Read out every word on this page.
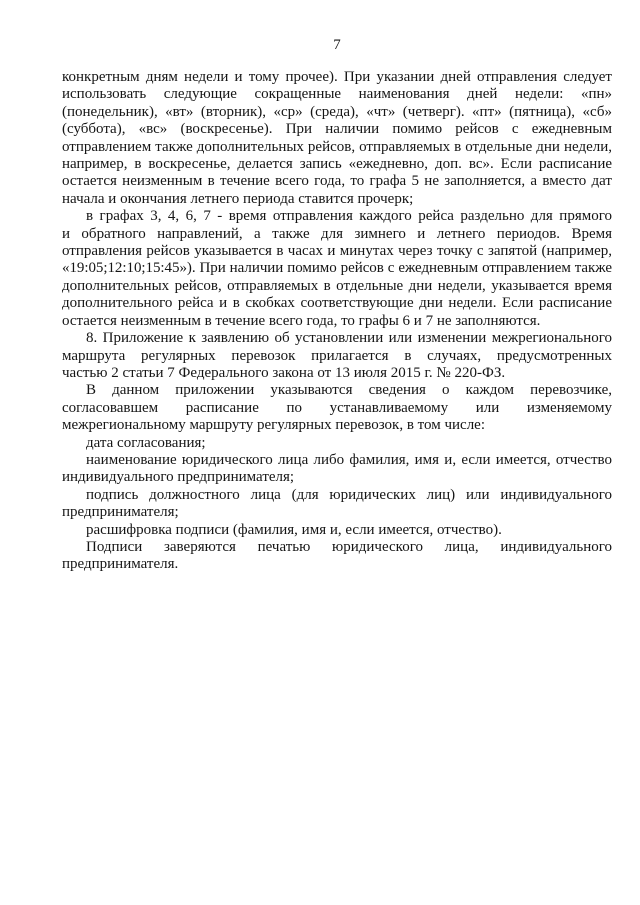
7
конкретным дням недели и тому прочее). При указании дней отправления следует
использовать следующие сокращенные наименования дней недели: «пн»
(понедельник), «вт» (вторник), «ср» (среда), «чт» (четверг). «пт» (пятница), «сб»
(суббота), «вс» (воскресенье). При наличии помимо рейсов с ежедневным
отправлением также дополнительных рейсов, отправляемых в отдельные дни недели,
например, в воскресенье, делается запись «ежедневно, доп. вс». Если расписание
остается неизменным в течение всего года, то графа 5 не заполняется, а вместо дат
начала и окончания летнего периода ставится прочерк;
в графах 3, 4, 6, 7 - время отправления каждого рейса раздельно для прямого
и обратного направлений, а также для зимнего и летнего периодов. Время
отправления рейсов указывается в часах и минутах через точку с запятой (например,
«19:05;12:10;15:45»). При наличии помимо рейсов с ежедневным отправлением также
дополнительных рейсов, отправляемых в отдельные дни недели, указывается время
дополнительного рейса и в скобках соответствующие дни недели. Если расписание
остается неизменным в течение всего года, то графы 6 и 7 не заполняются.
8. Приложение к заявлению об установлении или изменении межрегионального
маршрута регулярных перевозок прилагается в случаях, предусмотренных
частью 2 статьи 7 Федерального закона от 13 июля 2015 г. № 220-ФЗ.
В данном приложении указываются сведения о каждом перевозчике,
согласовавшем расписание по устанавливаемому или изменяемому
межрегиональному маршруту регулярных перевозок, в том числе:
дата согласования;
наименование юридического лица либо фамилия, имя и, если имеется, отчество
индивидуального предпринимателя;
подпись должностного лица (для юридических лиц) или индивидуального
предпринимателя;
расшифровка подписи (фамилия, имя и, если имеется, отчество).
Подписи заверяются печатью юридического лица, индивидуального
предпринимателя.
